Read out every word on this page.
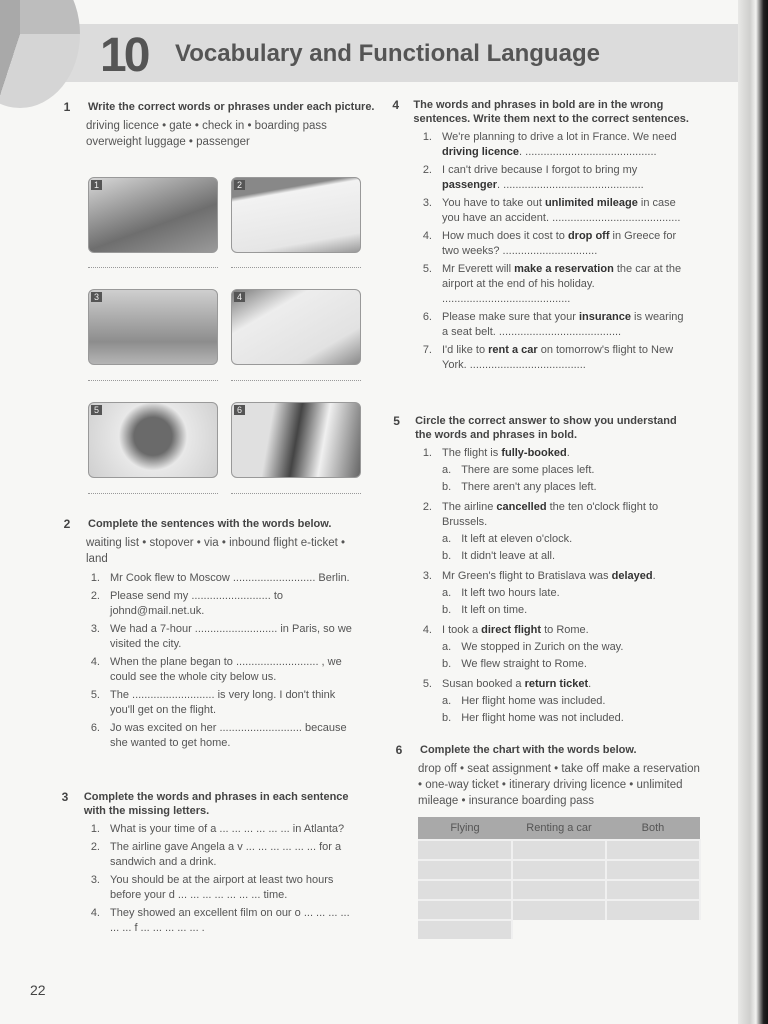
10 Vocabulary and Functional Language
1	Write the correct words or phrases under each picture.
driving licence • gate • check in • boarding pass overweight luggage • passenger
1	2
3	4
5	6
2	Complete the sentences with the words below.
waiting list • stopover • via • inbound flight e-ticket • land
1. Mr Cook flew to Moscow ........................... Berlin.
2. Please send my .......................... to johnd@mail.net.uk.
3. We had a 7-hour ........................... in Paris, so we visited the city.
4. When the plane began to ........................... , we could see the whole city below us.
5. The ........................... is very long. I don't think you'll get on the flight.
6. Jo was excited on her ........................... because she wanted to get home.
3 Complete the words and phrases in each sentence with the missing letters.
1. What is your time of a ... ... ... ... ... ... in Atlanta?
2. The airline gave Angela a v ... ... ... ... ... ... for a sandwich and a drink.
3. You should be at the airport at least two hours before your d ... ... ... ... ... ... ... time.
4. They showed an excellent film on our o ... ... ... ... ... ... f ... ... ... ... ... .
4 The words and phrases in bold are in the wrong sentences. Write them next to the correct sentences.
1. We're planning to drive a lot in France. We need driving licence. ...........................................
2. I can't drive because I forgot to bring my passenger. ..............................................
3. You have to take out unlimited mileage in case you have an accident. ..........................................
4. How much does it cost to drop off in Greece for two weeks? ...............................
5. Mr Everett will make a reservation the car at the airport at the end of his holiday. ..........................................
6. Please make sure that your insurance is wearing a seat belt. ........................................
7. I'd like to rent a car on tomorrow's flight to New York. ......................................
5 Circle the correct answer to show you understand the words and phrases in bold.
1. The flight is fully-booked.
a. There are some places left.
b. There aren't any places left.
2. The airline cancelled the ten o'clock flight to Brussels.
a. It left at eleven o'clock.
b. It didn't leave at all.
3. Mr Green's flight to Bratislava was delayed.
a. It left two hours late.
b. It left on time.
4. I took a direct flight to Rome.
a. We stopped in Zurich on the way.
b. We flew straight to Rome.
5. Susan booked a return ticket.
a. Her flight home was included.
b. Her flight home was not included.
6	Complete the chart with the words below.
drop off • seat assignment • take off make a reservation • one-way ticket • itinerary driving licence • unlimited mileage • insurance boarding pass
Flying	Renting a car	Both

22
